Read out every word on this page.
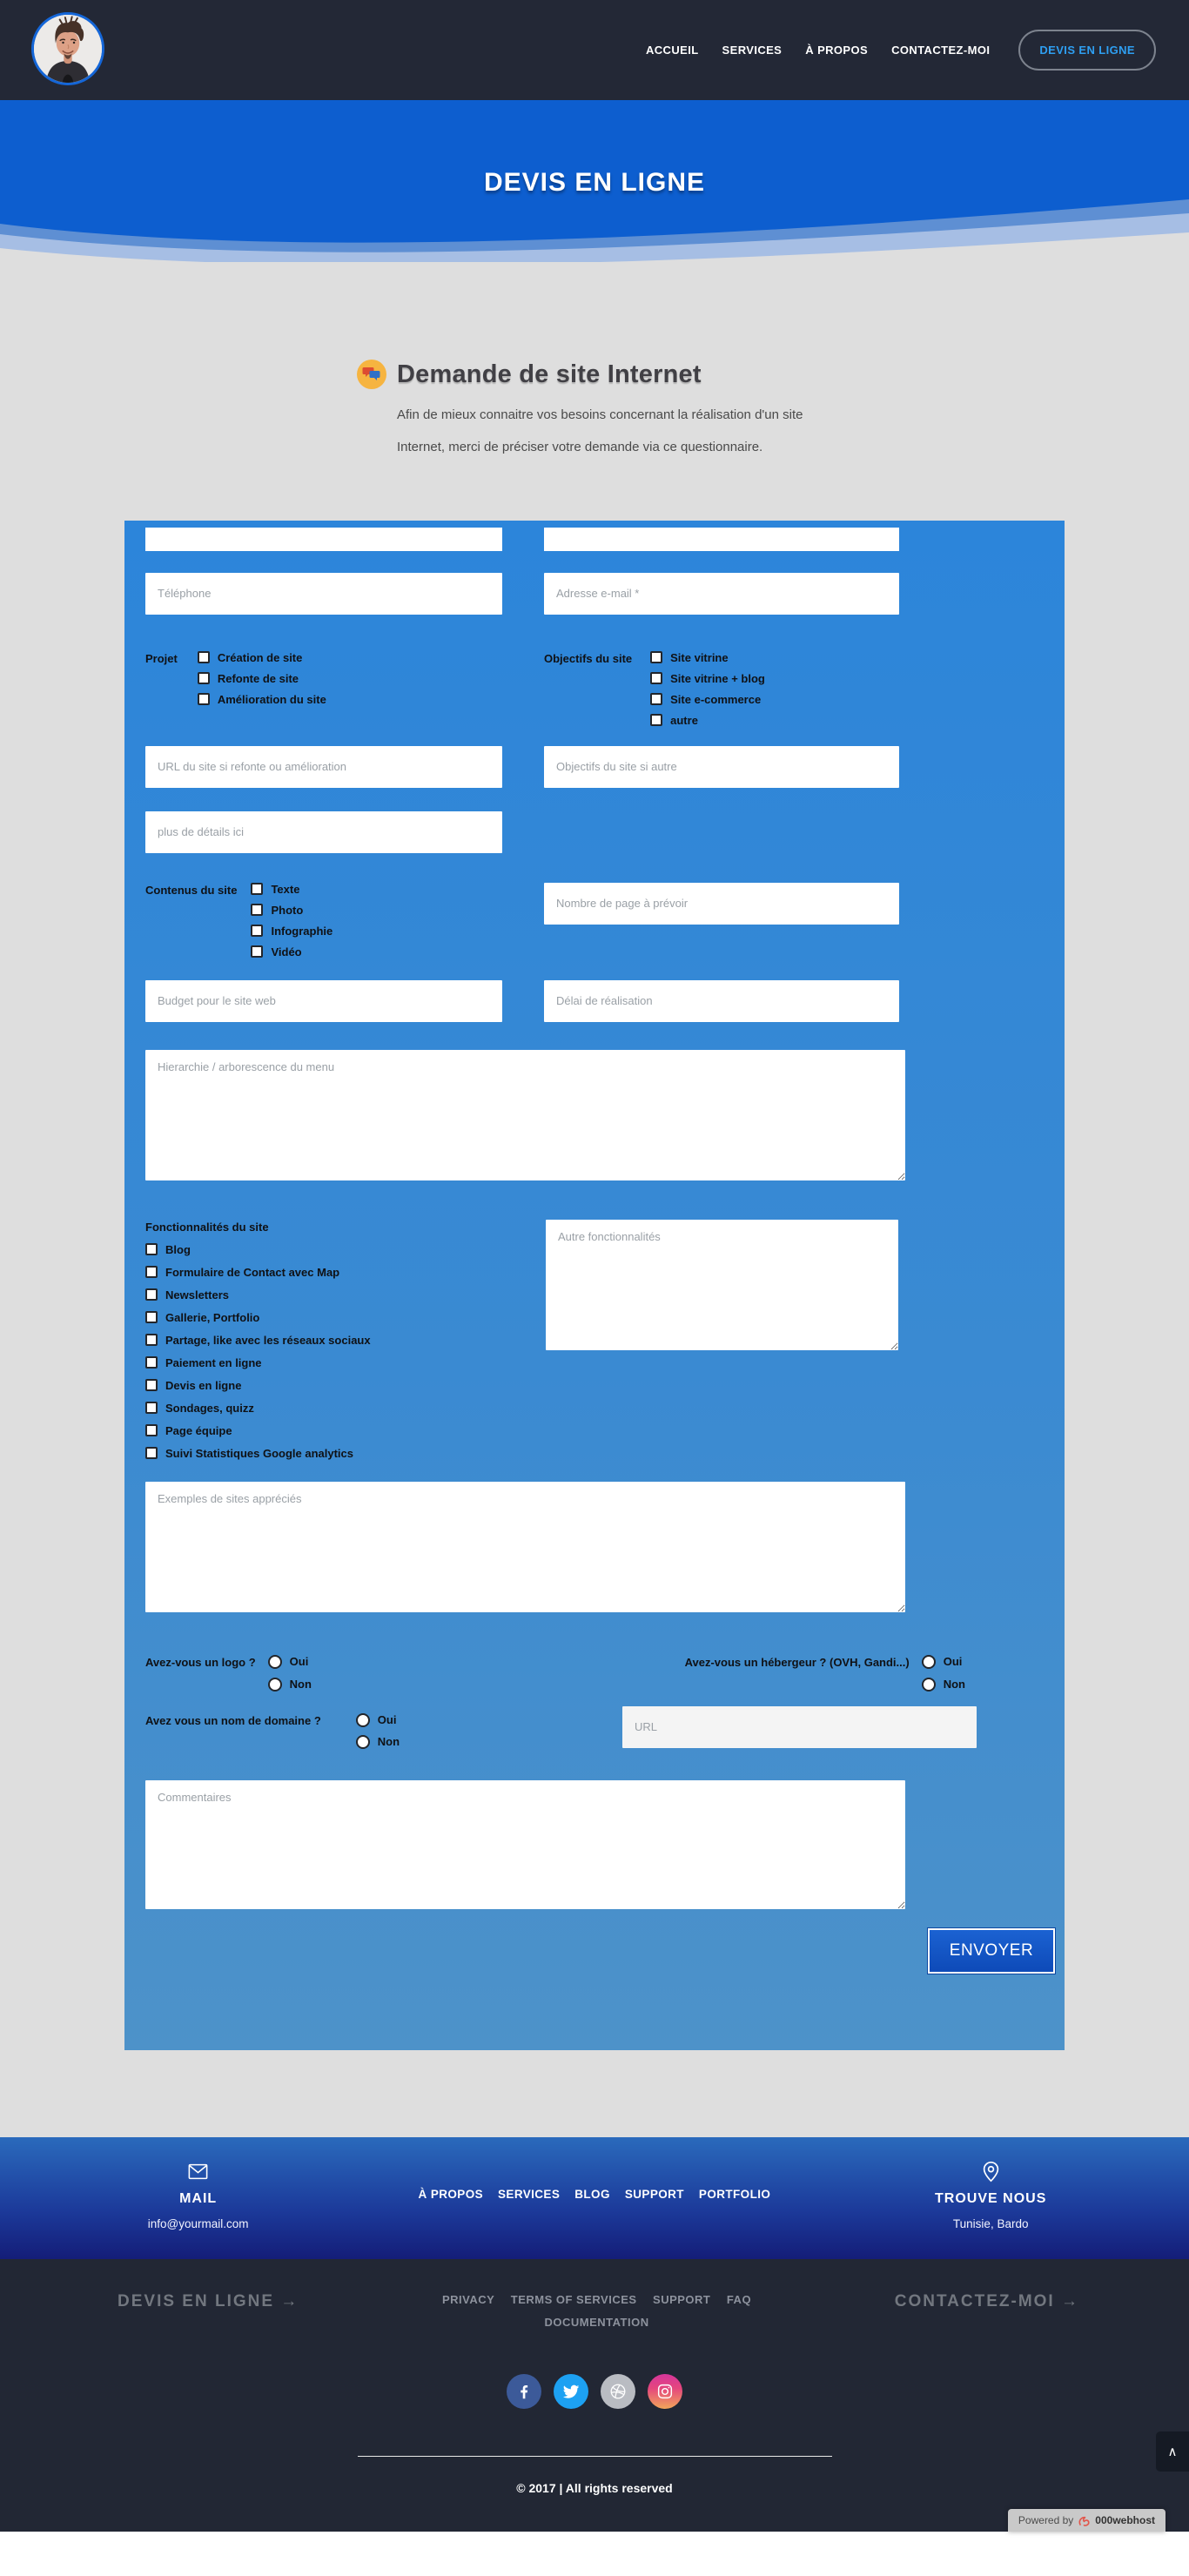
ACCUEIL SERVICES À PROPOS CONTACTEZ-MOI	DEVIS EN LIGNE
DEVIS EN LIGNE
Demande de site Internet

Afin de mieux connaitre vos besoins concernant la réalisation d'un site Internet, merci de préciser votre demande via ce questionnaire.

Téléphone
Adresse e-mail *
Projet	Création de site
Refonte de site
Amélioration du site
Objectifs du site	Site vitrine
Site vitrine + blog
Site e-commerce
autre
URL du site si refonte ou amélioration
Objectifs du site si autre
plus de détails ici
Contenus du site	Texte
Photo
Infographie
Vidéo
Nombre de page à prévoir
Budget pour le site web
Délai de réalisation
Hierarchie / arborescence du menu
Fonctionnalités du site
Blog
Formulaire de Contact avec Map
Newsletters
Gallerie, Portfolio
Partage, like avec les réseaux sociaux
Paiement en ligne
Devis en ligne
Sondages, quizz
Page équipe
Suivi Statistiques Google analytics
Autre fonctionnalités
Exemples de sites appréciés
Avez-vous un logo ?	Oui
Non
Avez-vous un hébergeur ? (OVH, Gandi...)	Oui
Non
Avez vous un nom de domaine ?	Oui
Non
URL
Commentaires
ENVOYER
MAIL
info@yourmail.com
À PROPOS SERVICES BLOG SUPPORT PORTFOLIO	TROUVE NOUS
Tunisie, Bardo
DEVIS EN LIGNE →	PRIVACY TERMS OF SERVICES SUPPORT FAQ
DOCUMENTATION
CONTACTEZ-MOI →
© 2017 | All rights reserved
∧
Powered by 000webhost
